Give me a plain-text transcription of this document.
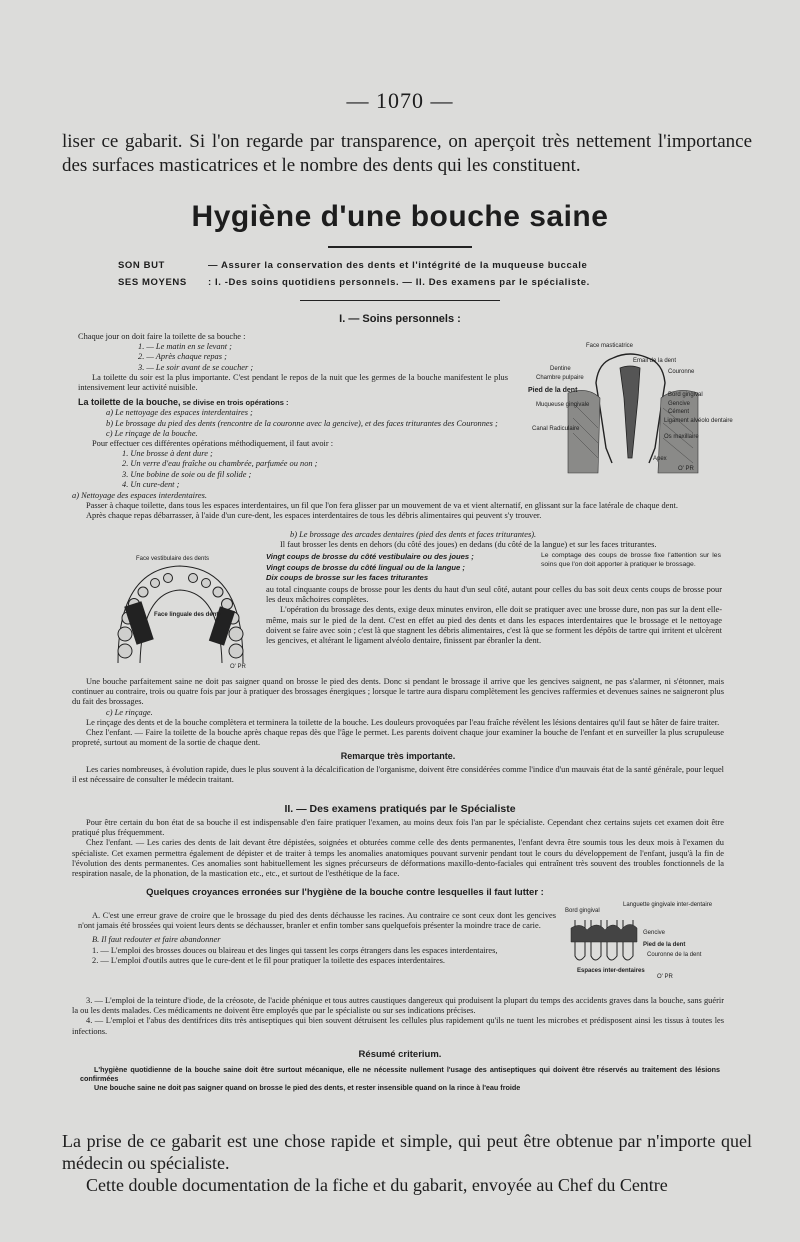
— 1070 —
liser ce gabarit. Si l'on regarde par transparence, on aperçoit très nettement l'importance des surfaces masticatrices et le nombre des dents qui les constituent.
Hygiène d'une bouche saine
SON BUT	— Assurer la conservation des dents et l'intégrité de la muqueuse buccale
SES MOYENS : I. -Des soins quotidiens personnels. — II. Des examens par le spécialiste.
I. — Soins personnels :

Chaque jour on doit faire la toilette de sa bouche :

1. — Le matin en se levant ;

2. — Après chaque repas ;

3. — Le soir avant de se coucher ;

La toilette du soir est la plus importante. C'est pendant le repos de la nuit que les germes de la bouche manifestent le plus intensivement leur activité nuisible.

La toilette de la bouche, se divise en trois opérations :

a) Le nettoyage des espaces interdentaires ;

b) Le brossage du pied des dents (rencontre de la couronne avec la gencive), et des faces triturantes des Couronnes ;

c) Le rinçage de la bouche.

Pour effectuer ces différentes opérations méthodiquement, il faut avoir :

1. Une brosse à dent dure ;

2. Un verre d'eau fraîche ou chambrée, parfumée ou non ;

3. Une bobine de soie ou de fil solide ;

4. Un cure-dent ;

Face masticatrice
Dentine
Chambre pulpaire
Email de la dent
Couronne
Pied de la dent
Bord gingival
Muqueuse gingivale	Gencive
Cément
Ligament alvéolo dentaire
Canal Radiculaire
Os maxillaire
Apex
O' PR

a) Nettoyage des espaces interdentaires.

Passer à chaque toilette, dans tous les espaces interdentaires, un fil que l'on fera glisser par un mouvement de va et vient alternatif, en glissant sur la face latérale de chaque dent.

Après chaque repas débarrasser, à l'aide d'un cure-dent, les espaces interdentaires de tous les débris alimentaires qui peuvent s'y trouver.

Face vestibulaire des dents
Face linguale des dents
O' PR

b) Le brossage des arcades dentaires (pied des dents et faces triturantes).

Il faut brosser les dents en dehors (du côté des joues) en dedans (du côté de la langue) et sur les faces triturantes.

Vingt coups de brosse du côté vestibulaire ou des joues ;

Vingt coups de brosse du côté lingual ou de la langue ;

Dix coups de brosse sur les faces triturantes

Le comptage des coups de brosse fixe l'attention sur les soins que l'on doit apporter à pratiquer le brossage.

au total cinquante coups de brosse pour les dents du haut d'un seul côté, autant pour celles du bas soit deux cents coups de brosse pour les deux mâchoires complètes.

L'opération du brossage des dents, exige deux minutes environ, elle doit se pratiquer avec une brosse dure, non pas sur la dent elle-même, mais sur le pied de la dent. C'est en effet au pied des dents et dans les espaces interdentaires que le brossage et le nettoyage doivent se faire avec soin ; c'est là que stagnent les débris alimentaires, c'est là que se forment les dépôts de tartre qui irritent et ulcèrent les gencives, et altérant le ligament alvéolo dentaire, finissent par ébranler la dent.

Une bouche parfaitement saine ne doit pas saigner quand on brosse le pied des dents. Donc si pendant le brossage il arrive que les gencives saignent, ne pas s'alarmer, ni s'étonner, mais continuer au contraire, trois ou quatre fois par jour à pratiquer des brossages énergiques ; lorsque le tartre aura disparu complètement les gencives raffermies et devenues saines ne saigneront plus du fait des brossages.

c) Le rinçage.

Le rinçage des dents et de la bouche complètera et terminera la toilette de la bouche. Les douleurs provoquées par l'eau fraîche révèlent les lésions dentaires qu'il faut se hâter de faire traiter.

Chez l'enfant. — Faire la toilette de la bouche après chaque repas dès que l'âge le permet. Les parents doivent chaque jour examiner la bouche de l'enfant et en surveiller la plus scrupuleuse propreté, surtout au moment de la sortie de chaque dent.

Remarque très importante.

Les caries nombreuses, à évolution rapide, dues le plus souvent à la décalcification de l'organisme, doivent être considérées comme l'indice d'un mauvais état de la santé générale, pour lequel il est nécessaire de consulter le médecin traitant.

II. — Des examens pratiqués par le Spécialiste

Pour être certain du bon état de sa bouche il est indispensable d'en faire pratiquer l'examen, au moins deux fois l'an par le spécialiste. Cependant chez certains sujets cet examen doit être pratiqué plus fréquemment.

Chez l'enfant. — Les caries des dents de lait devant être dépistées, soignées et obturées comme celle des dents permanentes, l'enfant devra être soumis tous les deux mois à l'examen du spécialiste. Cet examen permettra également de dépister et de traiter à temps les anomalies anatomiques pouvant survenir pendant tout le cours du développement de l'enfant, jusqu'à la fin de l'évolution des dents permanentes. Ces anomalies sont habituellement les signes précurseurs de déformations maxillo-dento-faciales qui entraînent très souvent des troubles fonctionnels de la respiration nasale, de la phonation, de la mastication etc., etc., et surtout de l'esthétique de la face.

Quelques croyances erronées sur l'hygiène de la bouche contre lesquelles il faut lutter :

A. C'est une erreur grave de croire que le brossage du pied des dents déchausse les racines. Au contraire ce sont ceux dont les gencives n'ont jamais été brossées qui voient leurs dents se déchausser, branler et enfin tomber sans quelquefois présenter la moindre trace de carie.

B. Il faut redouter et faire abandonner

1. — L'emploi des brosses douces ou blaireau et des linges qui tassent les corps étrangers dans les espaces interdentaires,

2. — L'emploi d'outils autres que le cure-dent et le fil pour pratiquer la toilette des espaces interdentaires.

Bord gingival
Languette gingivale inter-dentaire
Gencive
Pied de la dent
Couronne de la dent
Espaces inter-dentaires
O' PR

3. — L'emploi de la teinture d'iode, de la créosote, de l'acide phénique et tous autres caustiques dangereux qui produisent la plupart du temps des accidents graves dans la bouche, sans guérir la ou les dents malades. Ces médicaments ne doivent être employés que par le spécialiste ou sur ses indications précises.

4. — L'emploi et l'abus des dentifrices dits très antiseptiques qui bien souvent détruisent les cellules plus rapidement qu'ils ne tuent les microbes et prédisposent ainsi les tissus à toutes les infections.

Résumé criterium.

L'hygiène quotidienne de la bouche saine doit être surtout mécanique, elle ne nécessite nullement l'usage des antiseptiques qui doivent être réservés au traitement des lésions confirmées

Une bouche saine ne doit pas saigner quand on brosse le pied des dents, et rester insensible quand on la rince à l'eau froide

La prise de ce gabarit est une chose rapide et simple, qui peut être obtenue par n'importe quel médecin ou spécialiste.
Cette double documentation de la fiche et du gabarit, envoyée au Chef du Centre
